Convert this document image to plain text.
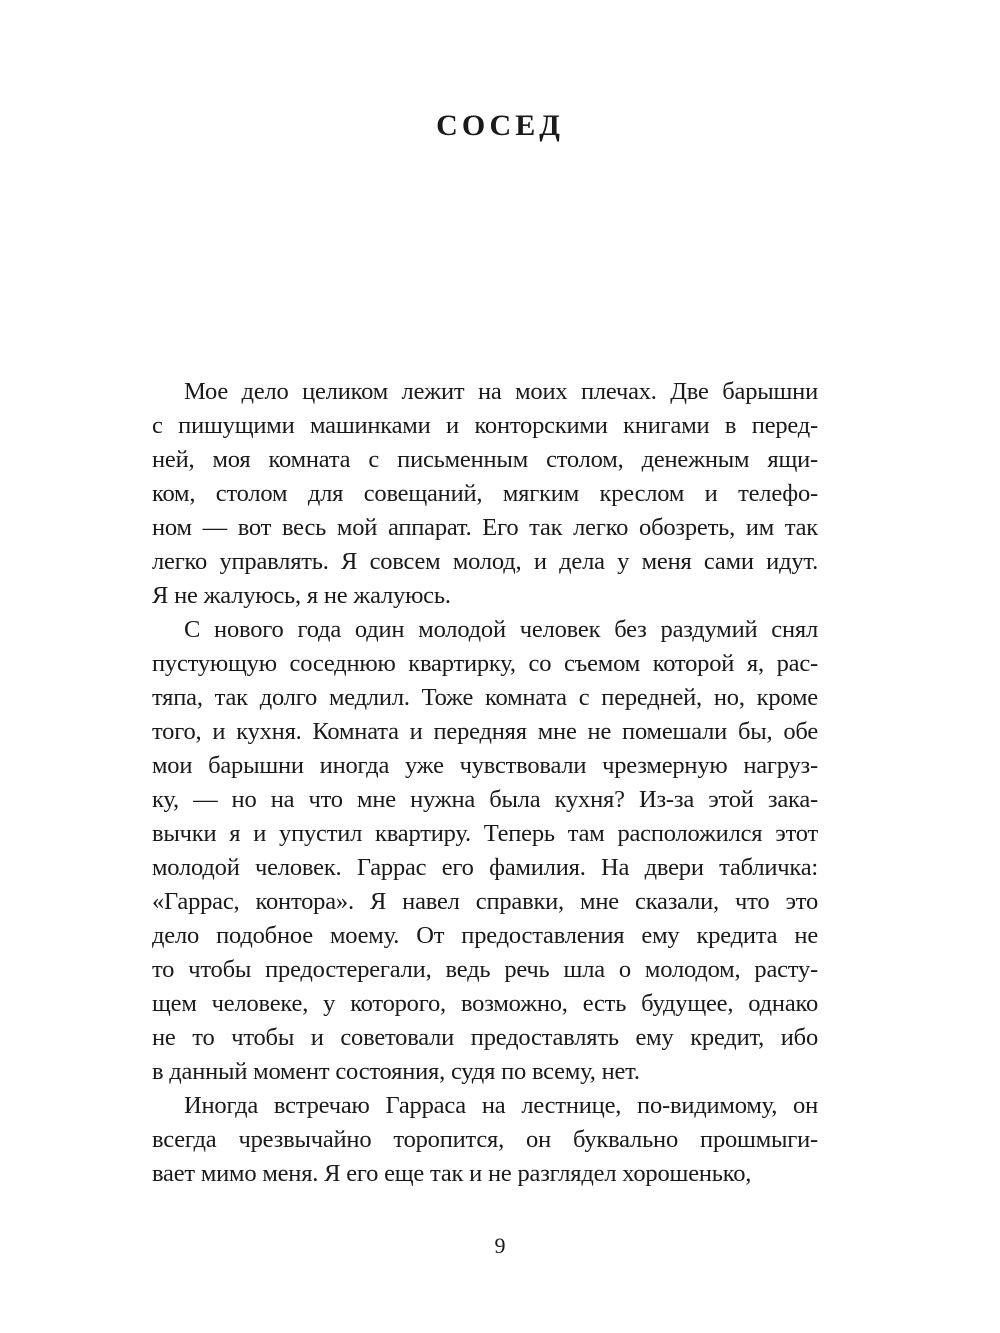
СОСЕД
Мое дело целиком лежит на моих плечах. Две барышни
с пишущими машинками и конторскими книгами в перед-
ней, моя комната с письменным столом, денежным ящи-
ком, столом для совещаний, мягким креслом и телефо-
ном — вот весь мой аппарат. Его так легко обозреть, им так
легко управлять. Я совсем молод, и дела у меня сами идут.
Я не жалуюсь, я не жалуюсь.
С нового года один молодой человек без раздумий снял
пустующую соседнюю квартирку, со съемом которой я, рас-
тяпа, так долго медлил. Тоже комната с передней, но, кроме
того, и кухня. Комната и передняя мне не помешали бы, обе
мои барышни иногда уже чувствовали чрезмерную нагруз-
ку, — но на что мне нужна была кухня? Из-за этой зака-
вычки я и упустил квартиру. Теперь там расположился этот
молодой человек. Гаррас его фамилия. На двери табличка:
«Гаррас, контора». Я навел справки, мне сказали, что это
дело подобное моему. От предоставления ему кредита не
то чтобы предостерегали, ведь речь шла о молодом, расту-
щем человеке, у которого, возможно, есть будущее, однако
не то чтобы и советовали предоставлять ему кредит, ибо
в данный момент состояния, судя по всему, нет.
Иногда встречаю Гарраса на лестнице, по-видимому, он
всегда чрезвычайно торопится, он буквально прошмыги-
вает мимо меня. Я его еще так и не разглядел хорошенько,
9
